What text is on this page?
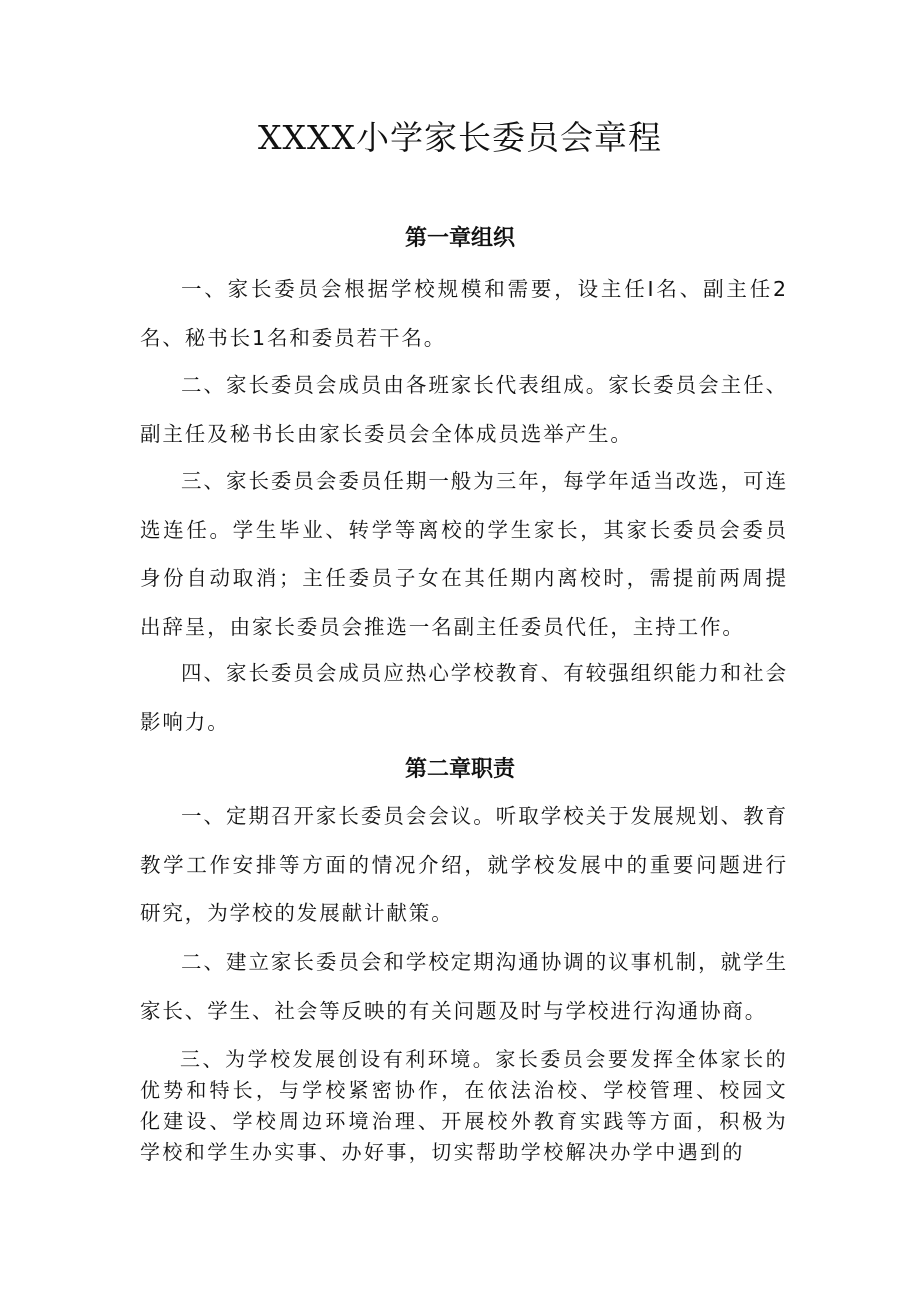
XXXX小学家长委员会章程
第一章组织

一、家长委员会根据学校规模和需要，设主任I名、副主任2名、秘书长1名和委员若干名。

二、家长委员会成员由各班家长代表组成。家长委员会主任、副主任及秘书长由家长委员会全体成员选举产生。

三、家长委员会委员任期一般为三年，每学年适当改选，可连选连任。学生毕业、转学等离校的学生家长，其家长委员会委员身份自动取消；主任委员子女在其任期内离校时，需提前两周提出辞呈，由家长委员会推选一名副主任委员代任，主持工作。

四、家长委员会成员应热心学校教育、有较强组织能力和社会影响力。

第二章职责

一、定期召开家长委员会会议。听取学校关于发展规划、教育教学工作安排等方面的情况介绍，就学校发展中的重要问题进行研究，为学校的发展献计献策。

二、建立家长委员会和学校定期沟通协调的议事机制，就学生家长、学生、社会等反映的有关问题及时与学校进行沟通协商。

三、为学校发展创设有利环境。家长委员会要发挥全体家长的优势和特长，与学校紧密协作，在依法治校、学校管理、校园文化建设、学校周边环境治理、开展校外教育实践等方面，积极为学校和学生办实事、办好事，切实帮助学校解决办学中遇到的
